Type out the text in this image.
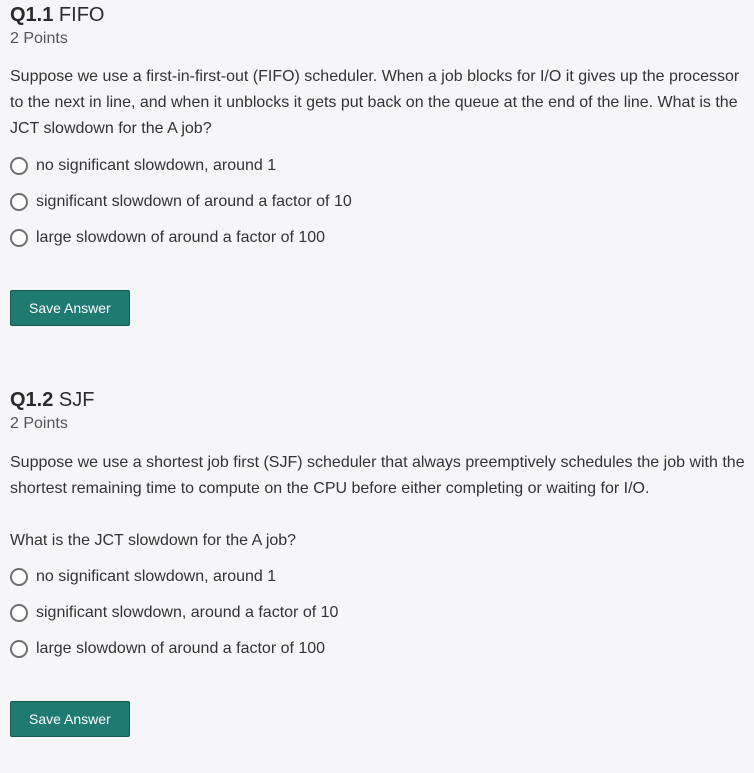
Q1.1 FIFO
2 Points

Suppose we use a first-in-first-out (FIFO) scheduler. When a job blocks for I/O it gives up the processor to the next in line, and when it unblocks it gets put back on the queue at the end of the line. What is the JCT slowdown for the A job?

no significant slowdown, around 1
significant slowdown of around a factor of 10
large slowdown of around a factor of 100
Save Answer
Q1.2 SJF
2 Points

Suppose we use a shortest job first (SJF) scheduler that always preemptively schedules the job with the shortest remaining time to compute on the CPU before either completing or waiting for I/O.

What is the JCT slowdown for the A job?

no significant slowdown, around 1
significant slowdown, around a factor of 10
large slowdown of around a factor of 100
Save Answer
